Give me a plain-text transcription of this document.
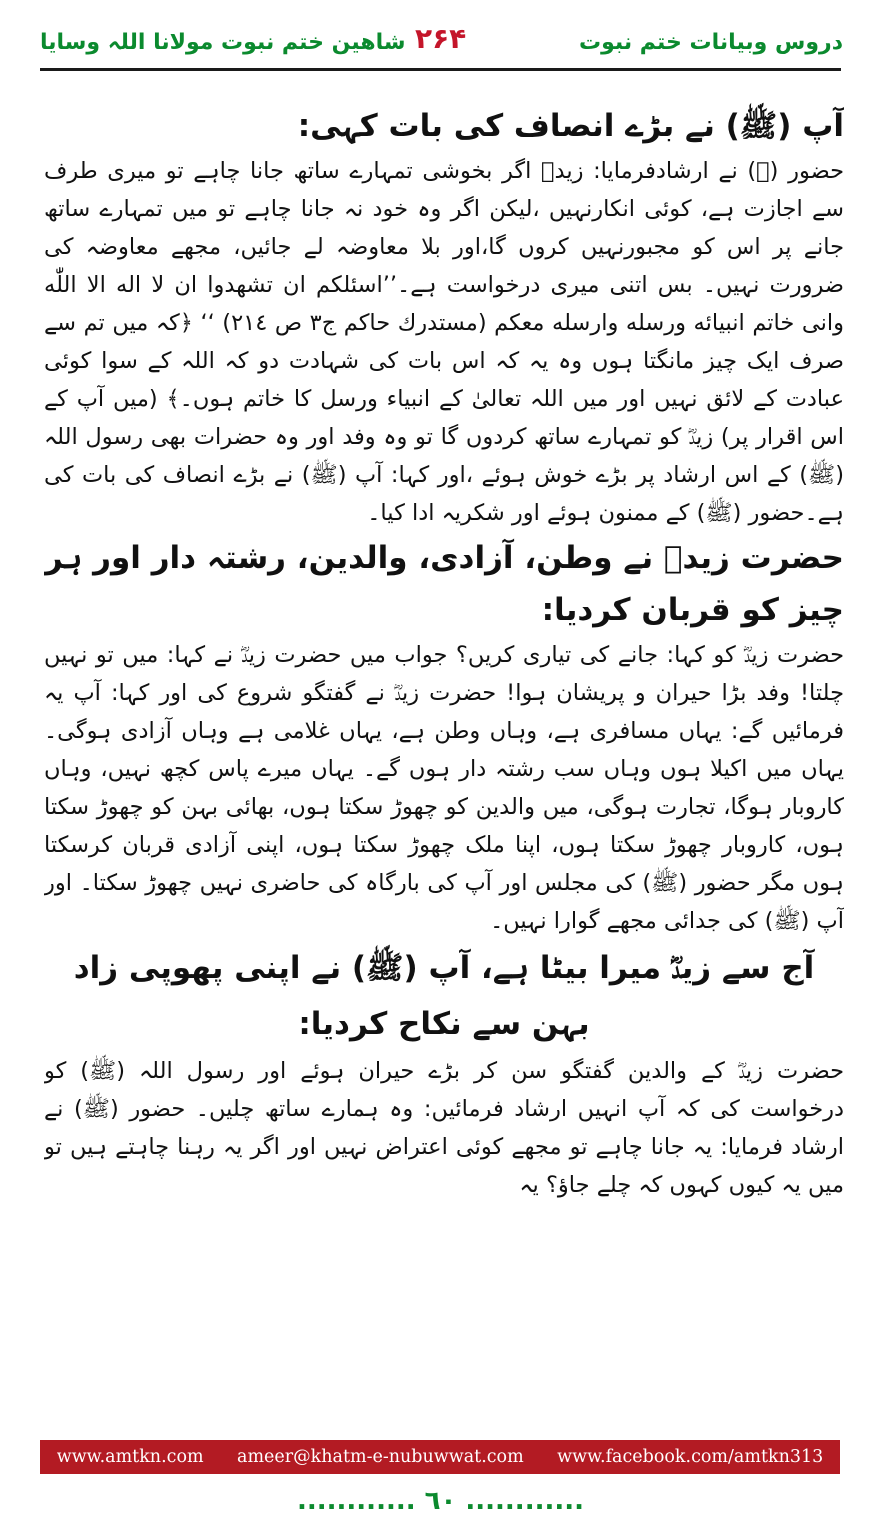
شاھین ختم نبوت مولانا اللہ وسایا ۲۶۴	دروس وبیانات ختم نبوت
آپ (ﷺ) نے بڑے انصاف کی بات کہی:

حضور (ﷺ) نے ارشادفرمایا: زیدؓ اگر بخوشی تمہارے ساتھ جانا چاہے تو میری طرف سے اجازت ہے، کوئی انکارنہیں ،لیکن اگر وہ خود نہ جانا چاہے تو میں تمہارے ساتھ جانے پر اس کو مجبورنہیں کروں گا،اور بلا معاوضہ لے جائیں، مجھے معاوضہ کی ضرورت نہیں۔ بس اتنی میری درخواست ہے۔’’اسئلکم ان تشھدوا ان لا اله الا اللّٰه وانی خاتم انبیائه ورسله وارسله معکم (مستدرك حاکم ج۳ ص ۲۱٤) ‘‘ ﴿کہ میں تم سے صرف ایک چیز مانگتا ہوں وہ یہ کہ اس بات کی شہادت دو کہ اللہ کے سوا کوئی عبادت کے لائق نہیں اور میں اللہ تعالیٰ کے انبیاء ورسل کا خاتم ہوں۔﴾ (میں آپ کے اس اقرار پر) زیدؓ کو تمہارے ساتھ کردوں گا تو وہ وفد اور وہ حضرات بھی رسول اللہ (ﷺ) کے اس ارشاد پر بڑے خوش ہوئے ،اور کہا: آپ (ﷺ) نے بڑے انصاف کی بات کی ہے۔حضور (ﷺ) کے ممنون ہوئے اور شکریہ ادا کیا۔

حضرت زیدؓ نے وطن، آزادی، والدین، رشتہ دار اور ہر چیز کو قربان کردیا:

حضرت زیدؓ کو کہا: جانے کی تیاری کریں؟ جواب میں حضرت زیدؓ نے کہا: میں تو نہیں چلتا! وفد بڑا حیران و پریشان ہوا! حضرت زیدؓ نے گفتگو شروع کی اور کہا: آپ یہ فرمائیں گے: یہاں مسافری ہے، وہاں وطن ہے، یہاں غلامی ہے وہاں آزادی ہوگی۔ یہاں میں اکیلا ہوں وہاں سب رشتہ دار ہوں گے۔ یہاں میرے پاس کچھ نہیں، وہاں کاروبار ہوگا، تجارت ہوگی، میں والدین کو چھوڑ سکتا ہوں، بھائی بہن کو چھوڑ سکتا ہوں، کاروبار چھوڑ سکتا ہوں، اپنا ملک چھوڑ سکتا ہوں، اپنی آزادی قربان کرسکتا ہوں مگر حضور (ﷺ) کی مجلس اور آپ کی بارگاہ کی حاضری نہیں چھوڑ سکتا۔ اور آپ (ﷺ) کی جدائی مجھے گوارا نہیں۔

آج سے زیدؓ میرا بیٹا ہے، آپ (ﷺ) نے اپنی پھوپی زاد
بہن سے نکاح کردیا:

حضرت زیدؓ کے والدین گفتگو سن کر بڑے حیران ہوئے اور رسول اللہ (ﷺ) کو درخواست کی کہ آپ انہیں ارشاد فرمائیں: وہ ہمارے ساتھ چلیں۔ حضور (ﷺ) نے ارشاد فرمایا: یہ جانا چاہے تو مجھے کوئی اعتراض نہیں اور اگر یہ رہنا چاہتے ہیں تو میں یہ کیوں کہوں کہ چلے جاؤ؟ یہ

www.amtkn.com ameer@khatm-e-nubuwwat.com www.facebook.com/amtkn313
............ ٦٠ ............
